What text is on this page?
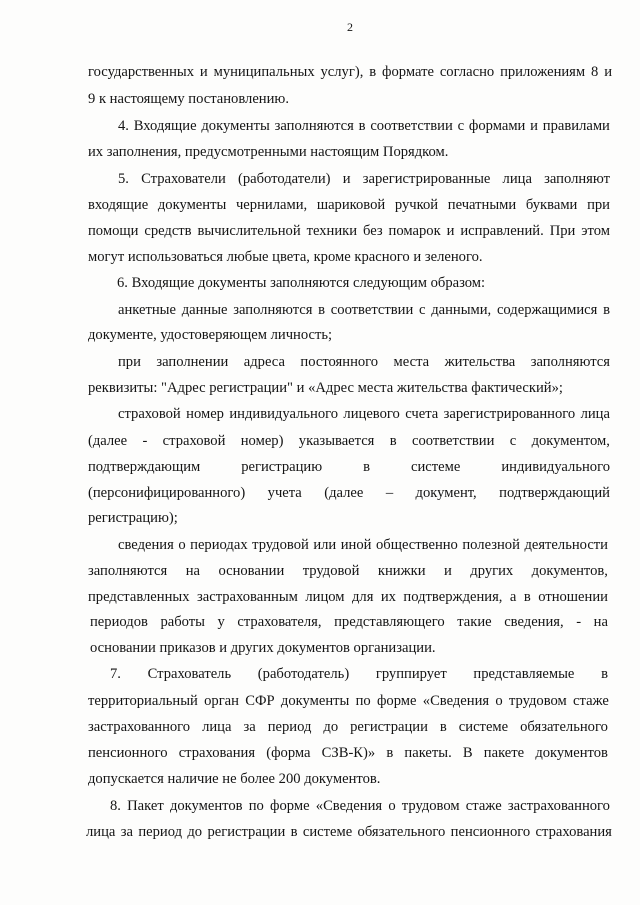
2
государственных и муниципальных услуг), в формате согласно приложениям 8 и
9 к настоящему постановлению.
4. Входящие документы заполняются в соответствии с формами и правилами
их заполнения, предусмотренными настоящим Порядком.
5. Страхователи (работодатели) и зарегистрированные лица заполняют
входящие документы чернилами, шариковой ручкой печатными буквами при
помощи средств вычислительной техники без помарок и исправлений. При этом
могут использоваться любые цвета, кроме красного и зеленого.
6. Входящие документы заполняются следующим образом:
анкетные данные заполняются в соответствии с данными, содержащимися в
документе, удостоверяющем личность;
при заполнении адреса постоянного места жительства заполняются
реквизиты: "Адрес регистрации" и «Адрес места жительства фактический»;
страховой номер индивидуального лицевого счета зарегистрированного лица
(далее - страховой номер) указывается в соответствии с документом,
подтверждающим	регистрацию	в	системе	индивидуального
(персонифицированного) учета (далее – документ, подтверждающий
регистрацию);
сведения о периодах трудовой или иной общественно полезной деятельности
заполняются на основании трудовой книжки и других документов,
представленных застрахованным лицом для их подтверждения, а в отношении
периодов работы у страхователя, представляющего такие сведения, - на
основании приказов и других документов организации.
7. Страхователь (работодатель) группирует представляемые в
территориальный орган СФР документы по форме «Сведения о трудовом стаже
застрахованного лица за период до регистрации в системе обязательного
пенсионного страхования (форма СЗВ-К)» в пакеты. В пакете документов
допускается наличие не более 200 документов.
8. Пакет документов по форме «Сведения о трудовом стаже застрахованного
лица за период до регистрации в системе обязательного пенсионного страхования
